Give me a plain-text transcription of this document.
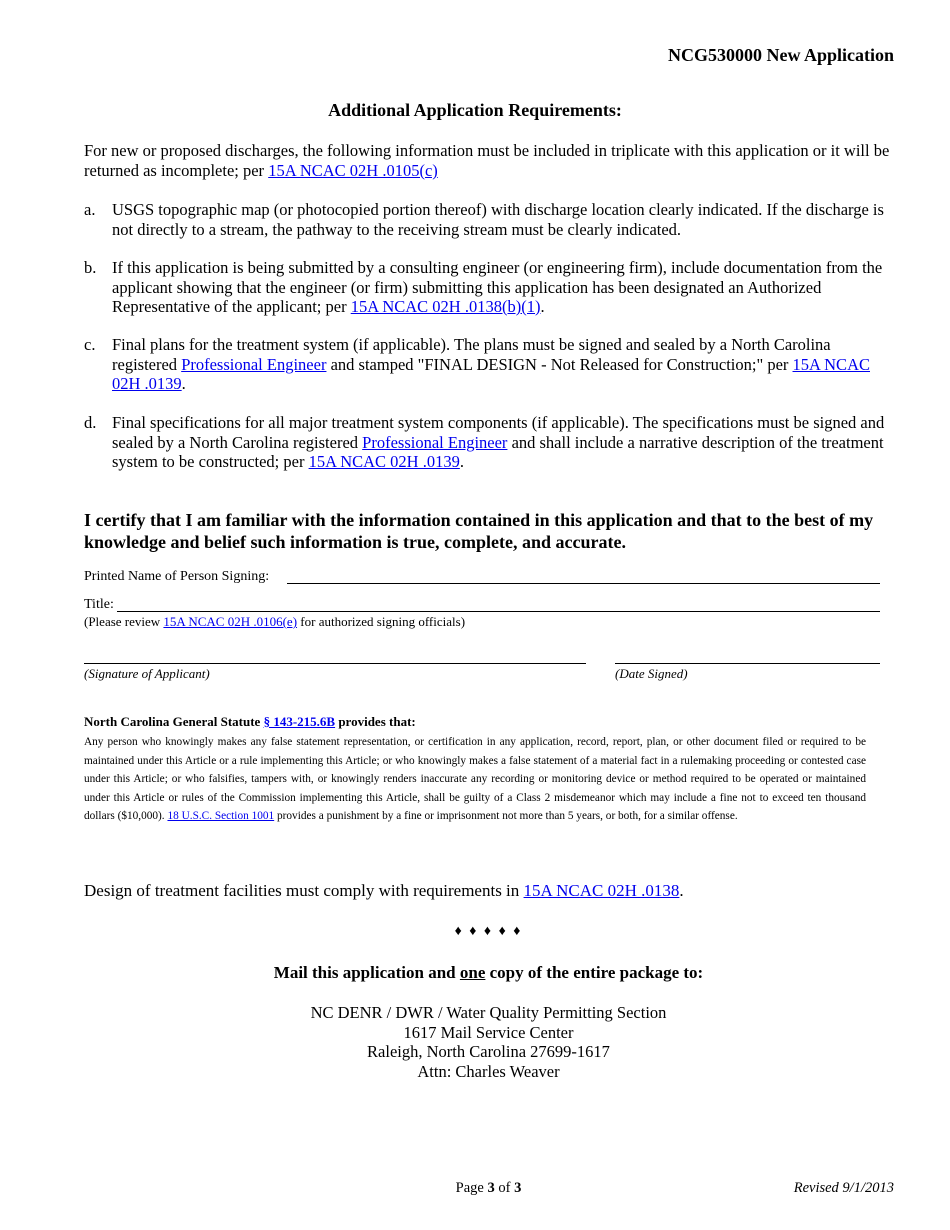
NCG530000 New Application
Additional Application Requirements:
For new or proposed discharges, the following information must be included in triplicate with this application or it will be returned as incomplete; per 15A NCAC 02H .0105(c)
a.	USGS topographic map (or photocopied portion thereof) with discharge location clearly indicated. If the discharge is not directly to a stream, the pathway to the receiving stream must be clearly indicated.
b. If this application is being submitted by a consulting engineer (or engineering firm), include documentation from the applicant showing that the engineer (or firm) submitting this application has been designated an Authorized Representative of the applicant; per 15A NCAC 02H .0138(b)(1).
c.	Final plans for the treatment system (if applicable). The plans must be signed and sealed by a North Carolina registered Professional Engineer and stamped "FINAL DESIGN - Not Released for Construction;" per 15A NCAC 02H .0139.
d. Final specifications for all major treatment system components (if applicable). The specifications must be signed and sealed by a North Carolina registered Professional Engineer and shall include a narrative description of the treatment system to be constructed; per 15A NCAC 02H .0139.
I certify that I am familiar with the information contained in this application and that to the best of my knowledge and belief such information is true, complete, and accurate.
Printed Name of Person Signing:
Title:
(Please review 15A NCAC 02H .0106(e) for authorized signing officials)
(Signature of Applicant)	(Date Signed)
North Carolina General Statute § 143-215.6B provides that:
Any person who knowingly makes any false statement representation, or certification in any application, record, report, plan, or other document filed or required to be maintained under this Article or a rule implementing this Article; or who knowingly makes a false statement of a material fact in a rulemaking proceeding or contested case under this Article; or who falsifies, tampers with, or knowingly renders inaccurate any recording or monitoring device or method required to be operated or maintained under this Article or rules of the Commission implementing this Article, shall be guilty of a Class 2 misdemeanor which may include a fine not to exceed ten thousand dollars ($10,000). 18 U.S.C. Section 1001 provides a punishment by a fine or imprisonment not more than 5 years, or both, for a similar offense.
Design of treatment facilities must comply with requirements in 15A NCAC 02H .0138.
♦ ♦ ♦ ♦ ♦
Mail this application and one copy of the entire package to:
NC DENR / DWR / Water Quality Permitting Section
1617 Mail Service Center
Raleigh, North Carolina 27699-1617
Attn: Charles Weaver
Page 3 of 3	Revised 9/1/2013
